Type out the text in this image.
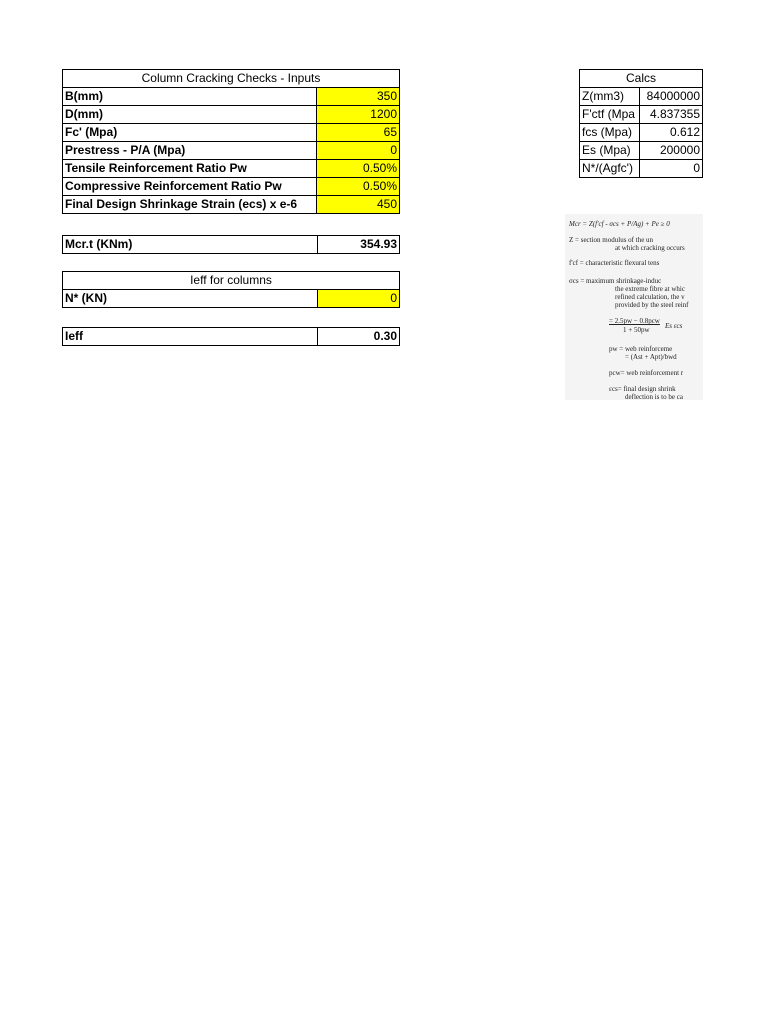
Column Cracking Checks - Inputs	
B(mm)	350
D(mm)	1200
Fc' (Mpa)	65
Prestress - P/A (Mpa)	0
Tensile Reinforcement Ratio Pw	0.50%
Compressive Reinforcement Ratio Pw	0.50%
Final Design Shrinkage Strain (ecs) x e-6	450
Mcr.t (KNm)	354.93
Ieff for columns
N* (KN)	0
Ieff	0.30
Calcs	
Z(mm3)	84000000
F'ctf (Mpa	4.837355
fcs (Mpa)	0.612
Es (Mpa)	200000
N*/(Agfc')	0
Mcr = Z(f'cf - σcs + P/Ag) + Pe ≥ 0
Z = section modulus of the un
at which cracking occurs
f'cf = characteristic flexural tens
σcs = maximum shrinkage-induc
the extreme fibre at whic
refined calculation, the v
provided by the steel reinf
= 2.5pw − 0.8pcw
1 + 50pw Es εcs
pw = web reinforceme
= (Ast + Apt)/bwd
pcw= web reinforcement r
εcs= final design shrink
deflection is to be ca
